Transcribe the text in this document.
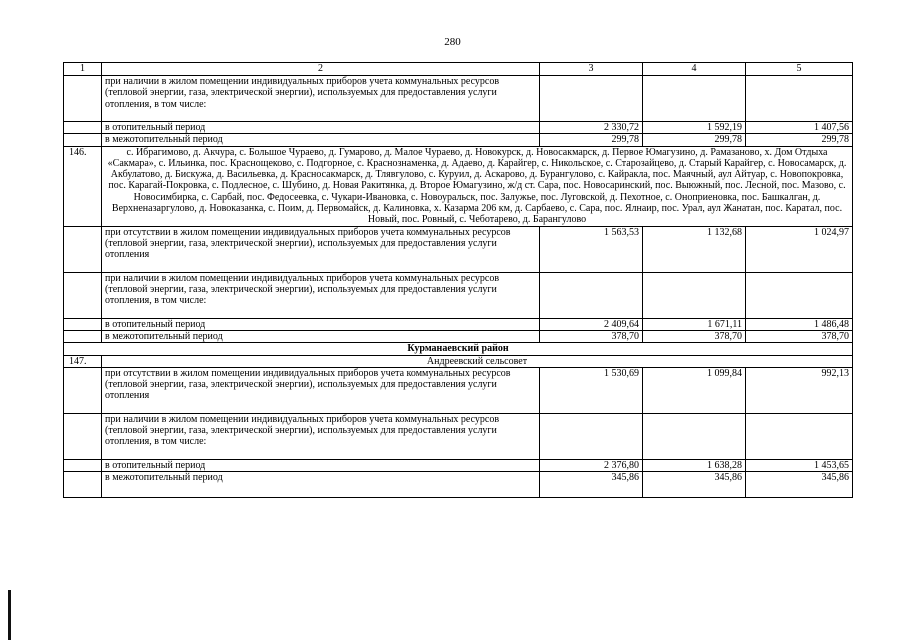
280
1	2	3	4	5
	при наличии в жилом помещении индивидуальных приборов учета коммунальных ресурсов (тепловой энергии, газа, электрической энергии), используемых для предоставления услуги отопления, в том числе:			
	в отопительный период	2 330,72	1 592,19	1 407,56
	в межотопительный период	299,78	299,78	299,78
146.	с. Ибрагимово, д. Акчура, с. Большое Чураево, д. Гумарово, д. Малое Чураево, д. Новокурск, д. Новосакмарск, д. Первое Юмагузино, д. Рамазаново, х. Дом Отдыха «Сакмара», с. Ильинка, пос. Краснощеково, с. Подгорное, с. Краснознаменка, д. Адаево, д. Карайгер, с. Никольское, с. Старозайцево, д. Старый Карайгер, с. Новосамарск, д. Акбулатово, д. Бискужа, д. Васильевка, д. Красносакмарск, д. Тлявгулово, с. Куруил, д. Аскарово, д. Бурангулово, с. Кайракла, пос. Маячный, аул Айтуар, с. Новопокровка, пос. Карагай-Покровка, с. Подлесное, с. Шубино, д. Новая Ракитянка, д. Второе Юмагузино, ж/д ст. Сара, пос. Новосаринский, пос. Выюжный, пос. Лесной, пос. Мазово, с. Новосимбирка, с. Сарбай, пос. Федосеевка, с. Чукари-Ивановка, с. Новоуральск, пос. Залужье, пос. Луговской, д. Пехотное, с. Оноприеновка, пос. Башкалган, д. Верхненазаргулово, д. Новоказанка, с. Поим, д. Первомайск, д. Калиновка, х. Казарма 206 км, д. Сарбаево, с. Сара, пос. Ялнаир, пос. Урал, аул Жанатан, пос. Каратал, пос. Новый, пос. Ровный, с. Чеботарево, д. Барангулово			
	при отсутствии в жилом помещении индивидуальных приборов учета коммунальных ресурсов (тепловой энергии, газа, электрической энергии), используемых для предоставления услуги отопления	1 563,53	1 132,68	1 024,97
	при наличии в жилом помещении индивидуальных приборов учета коммунальных ресурсов (тепловой энергии, газа, электрической энергии), используемых для предоставления услуги отопления, в том числе:			
	в отопительный период	2 409,64	1 671,11	1 486,48
	в межотопительный период	378,70	378,70	378,70
Курманаевский район				
147.	Андреевский сельсовет			
	при отсутствии в жилом помещении индивидуальных приборов учета коммунальных ресурсов (тепловой энергии, газа, электрической энергии), используемых для предоставления услуги отопления	1 530,69	1 099,84	992,13
	при наличии в жилом помещении индивидуальных приборов учета коммунальных ресурсов (тепловой энергии, газа, электрической энергии), используемых для предоставления услуги отопления, в том числе:			
	в отопительный период	2 376,80	1 638,28	1 453,65
	в межотопительный период	345,86	345,86	345,86
